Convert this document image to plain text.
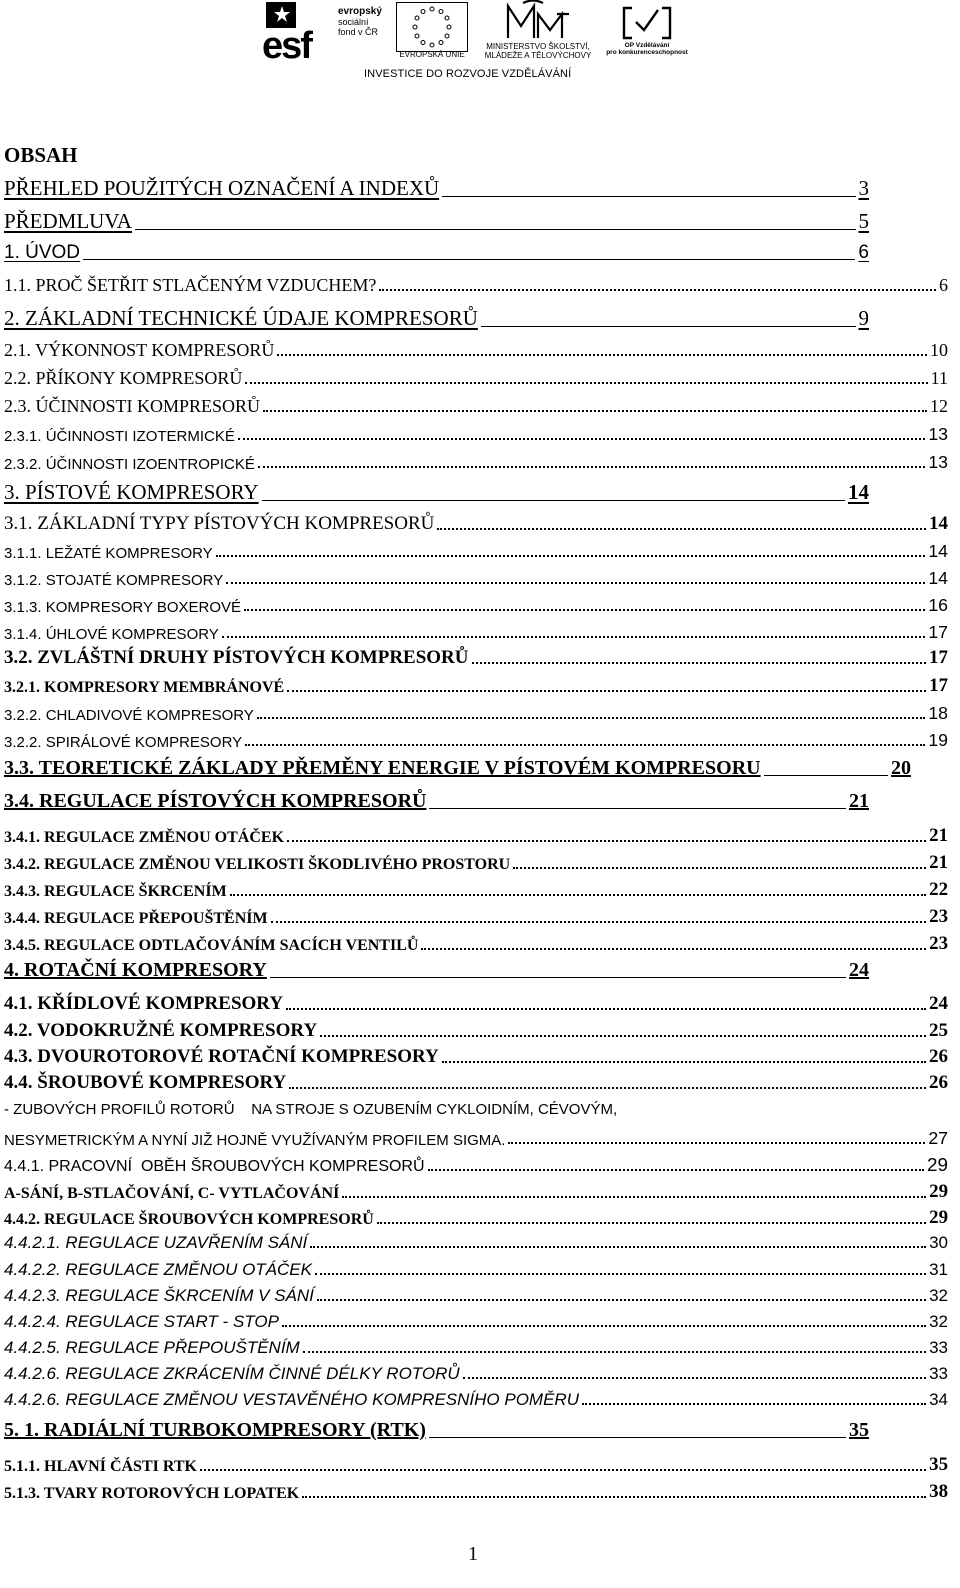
esf
evropský
sociální
fond v ČR
EVROPSKÁ UNIE
MINISTERSTVO ŠKOLSTVÍ,
MLÁDEŽE A TĚLOVÝCHOVY
OP Vzdělávání
pro konkurenceschopnost
INVESTICE DO ROZVOJE VZDĚLÁVÁNÍ
OBSAH
PŘEHLED POUŽITÝCH OZNAČENÍ A INDEXŮ	3
PŘEDMLUVA	5
1. ÚVOD	6
1.1. PROČ ŠETŘIT STLAČENÝM VZDUCHEM?	6
2. ZÁKLADNÍ TECHNICKÉ ÚDAJE KOMPRESORŮ	9
2.1. VÝKONNOST KOMPRESORŮ	10
2.2. PŘÍKONY KOMPRESORŮ	11
2.3. ÚČINNOSTI KOMPRESORŮ	12
2.3.1. ÚČINNOSTI IZOTERMICKÉ	13
2.3.2. ÚČINNOSTI IZOENTROPICKÉ	13
3. PÍSTOVÉ KOMPRESORY	14
3.1. ZÁKLADNÍ TYPY PÍSTOVÝCH KOMPRESORŮ	14
3.1.1. LEŽATÉ KOMPRESORY	14
3.1.2. STOJATÉ KOMPRESORY	14
3.1.3. KOMPRESORY BOXEROVÉ	16
3.1.4. ÚHLOVÉ KOMPRESORY	17
3.2. ZVLÁŠTNÍ DRUHY PÍSTOVÝCH KOMPRESORŮ	17
3.2.1. KOMPRESORY MEMBRÁNOVÉ	17
3.2.2. CHLADIVOVÉ KOMPRESORY	18
3.2.2. SPIRÁLOVÉ KOMPRESORY	19
3.3. TEORETICKÉ ZÁKLADY PŘEMĚNY ENERGIE V PÍSTOVÉM KOMPRESORU	20
3.4. REGULACE PÍSTOVÝCH KOMPRESORŮ	21
3.4.1. REGULACE ZMĚNOU OTÁČEK	21
3.4.2. REGULACE ZMĚNOU VELIKOSTI ŠKODLIVÉHO PROSTORU	21
3.4.3. REGULACE ŠKRCENÍM	22
3.4.4. REGULACE PŘEPOUŠTĚNÍM	23
3.4.5. REGULACE ODTLAČOVÁNÍM SACÍCH VENTILŮ	23
4. ROTAČNÍ KOMPRESORY	24
4.1. KŘÍDLOVÉ KOMPRESORY	24
4.2. VODOKRUŽNÉ KOMPRESORY	25
4.3. DVOUROTOROVÉ ROTAČNÍ KOMPRESORY	26
4.4. ŠROUBOVÉ KOMPRESORY	26
- ZUBOVÝCH PROFILŮ ROTORŮ    NA STROJE S OZUBENÍM CYKLOIDNÍM, CÉVOVÝM,
NESYMETRICKÝM A NYNÍ JIŽ HOJNĚ VYUŽÍVANÝM PROFILEM SIGMA.	27
4.4.1. PRACOVNÍ  OBĚH ŠROUBOVÝCH KOMPRESORŮ	29
A-SÁNÍ, B-STLAČOVÁNÍ, C- VYTLAČOVÁNÍ	29
4.4.2. REGULACE ŠROUBOVÝCH KOMPRESORŮ	29
4.4.2.1. REGULACE UZAVŘENÍM SÁNÍ	30
4.4.2.2. REGULACE ZMĚNOU OTÁČEK	31
4.4.2.3. REGULACE ŠKRCENÍM V SÁNÍ	32
4.4.2.4. REGULACE START - STOP	32
4.4.2.5. REGULACE PŘEPOUŠTĚNÍM	33
4.4.2.6. REGULACE ZKRÁCENÍM ČINNÉ DÉLKY ROTORŮ	33
4.4.2.6. REGULACE ZMĚNOU VESTAVĚNÉHO KOMPRESNÍHO POMĚRU	34
5. 1. RADIÁLNÍ TURBOKOMPRESORY (RTK)	35
5.1.1. HLAVNÍ ČÁSTI RTK	35
5.1.3. TVARY ROTOROVÝCH LOPATEK	38
1
